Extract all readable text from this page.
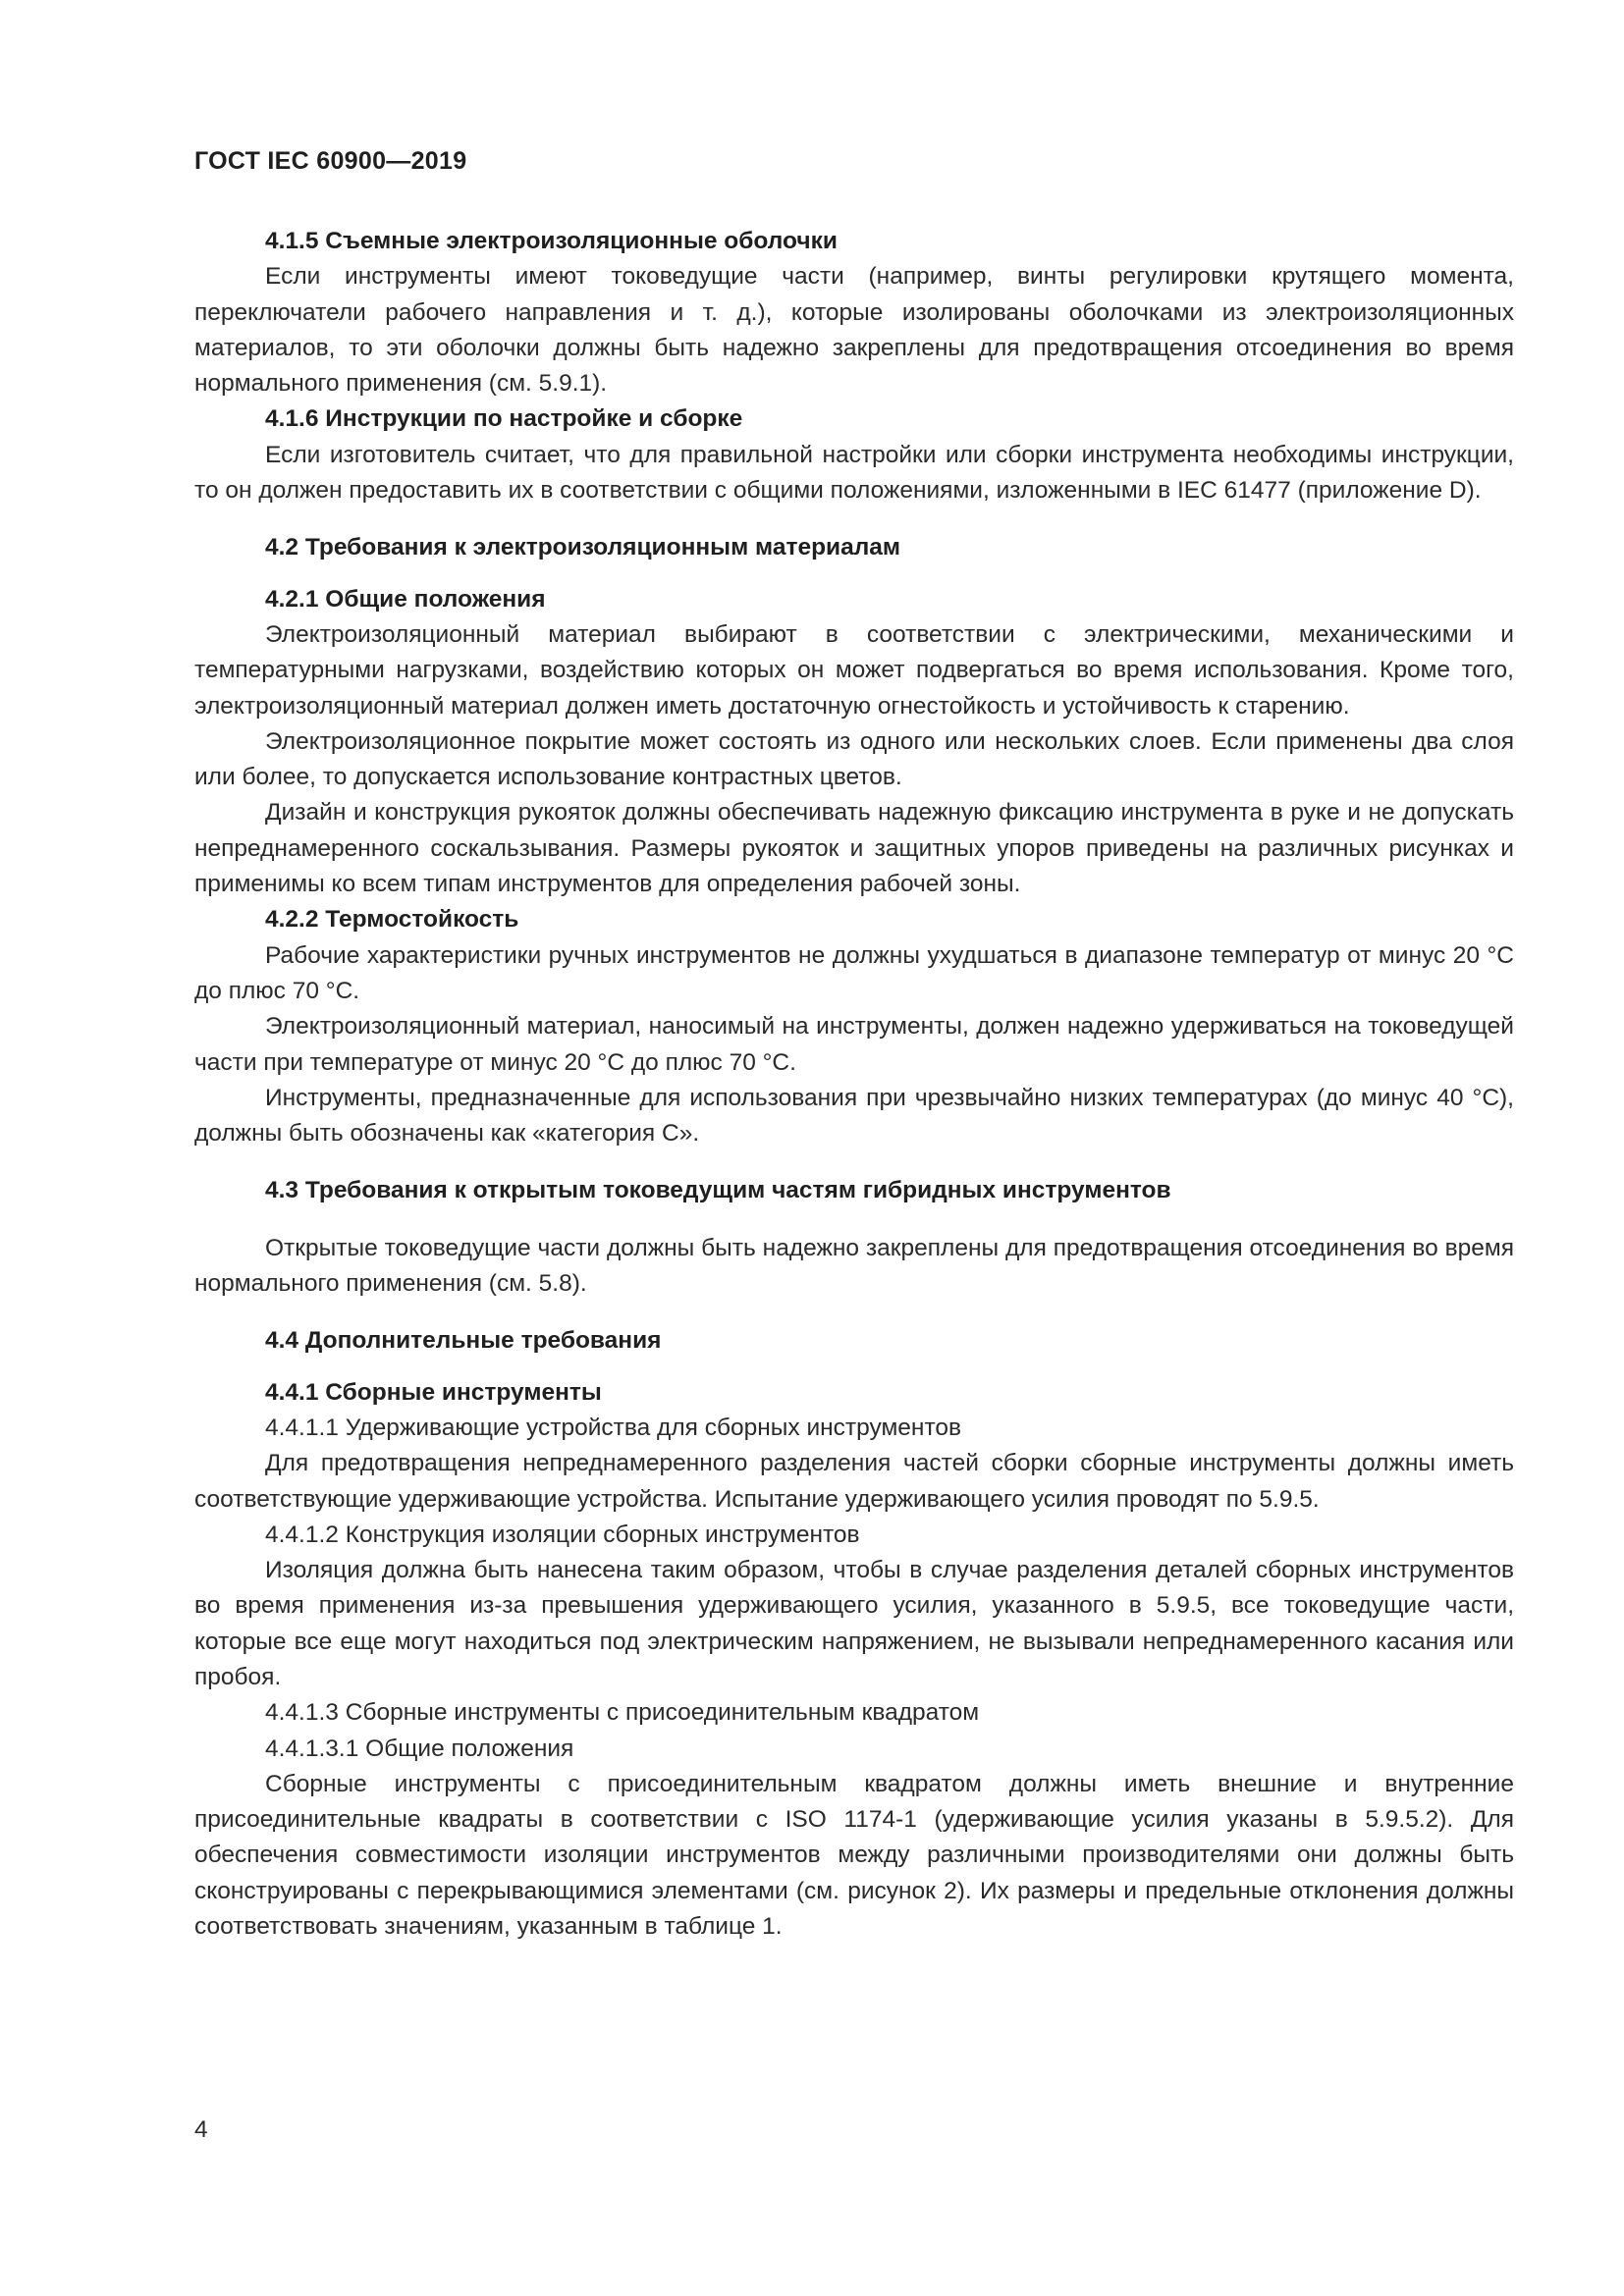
ГОСТ IEC 60900—2019
4.1.5 Съемные электроизоляционные оболочки

Если инструменты имеют токоведущие части (например, винты регулировки крутящего момента, переключатели рабочего направления и т. д.), которые изолированы оболочками из электроизоляционных материалов, то эти оболочки должны быть надежно закреплены для предотвращения отсоединения во время нормального применения (см. 5.9.1).

4.1.6 Инструкции по настройке и сборке

Если изготовитель считает, что для правильной настройки или сборки инструмента необходимы инструкции, то он должен предоставить их в соответствии с общими положениями, изложенными в IEC 61477 (приложение D).

4.2 Требования к электроизоляционным материалам
4.2.1 Общие положения

Электроизоляционный материал выбирают в соответствии с электрическими, механическими и температурными нагрузками, воздействию которых он может подвергаться во время использования. Кроме того, электроизоляционный материал должен иметь достаточную огнестойкость и устойчивость к старению.

Электроизоляционное покрытие может состоять из одного или нескольких слоев. Если применены два слоя или более, то допускается использование контрастных цветов.

Дизайн и конструкция рукояток должны обеспечивать надежную фиксацию инструмента в руке и не допускать непреднамеренного соскальзывания. Размеры рукояток и защитных упоров приведены на различных рисунках и применимы ко всем типам инструментов для определения рабочей зоны.

4.2.2 Термостойкость

Рабочие характеристики ручных инструментов не должны ухудшаться в диапазоне температур от минус 20 °С до плюс 70 °С.

Электроизоляционный материал, наносимый на инструменты, должен надежно удерживаться на токоведущей части при температуре от минус 20 °С до плюс 70 °С.

Инструменты, предназначенные для использования при чрезвычайно низких температурах (до минус 40 °С), должны быть обозначены как «категория С».

4.3 Требования к открытым токоведущим частям гибридных инструментов

Открытые токоведущие части должны быть надежно закреплены для предотвращения отсоединения во время нормального применения (см. 5.8).

4.4 Дополнительные требования
4.4.1 Сборные инструменты

4.4.1.1 Удерживающие устройства для сборных инструментов

Для предотвращения непреднамеренного разделения частей сборки сборные инструменты должны иметь соответствующие удерживающие устройства. Испытание удерживающего усилия проводят по 5.9.5.

4.4.1.2 Конструкция изоляции сборных инструментов

Изоляция должна быть нанесена таким образом, чтобы в случае разделения деталей сборных инструментов во время применения из-за превышения удерживающего усилия, указанного в 5.9.5, все токоведущие части, которые все еще могут находиться под электрическим напряжением, не вызывали непреднамеренного касания или пробоя.

4.4.1.3 Сборные инструменты с присоединительным квадратом

4.4.1.3.1 Общие положения

Сборные инструменты с присоединительным квадратом должны иметь внешние и внутренние присоединительные квадраты в соответствии с ISO 1174-1 (удерживающие усилия указаны в 5.9.5.2). Для обеспечения совместимости изоляции инструментов между различными производителями они должны быть сконструированы с перекрывающимися элементами (см. рисунок 2). Их размеры и предельные отклонения должны соответствовать значениям, указанным в таблице 1.

4
